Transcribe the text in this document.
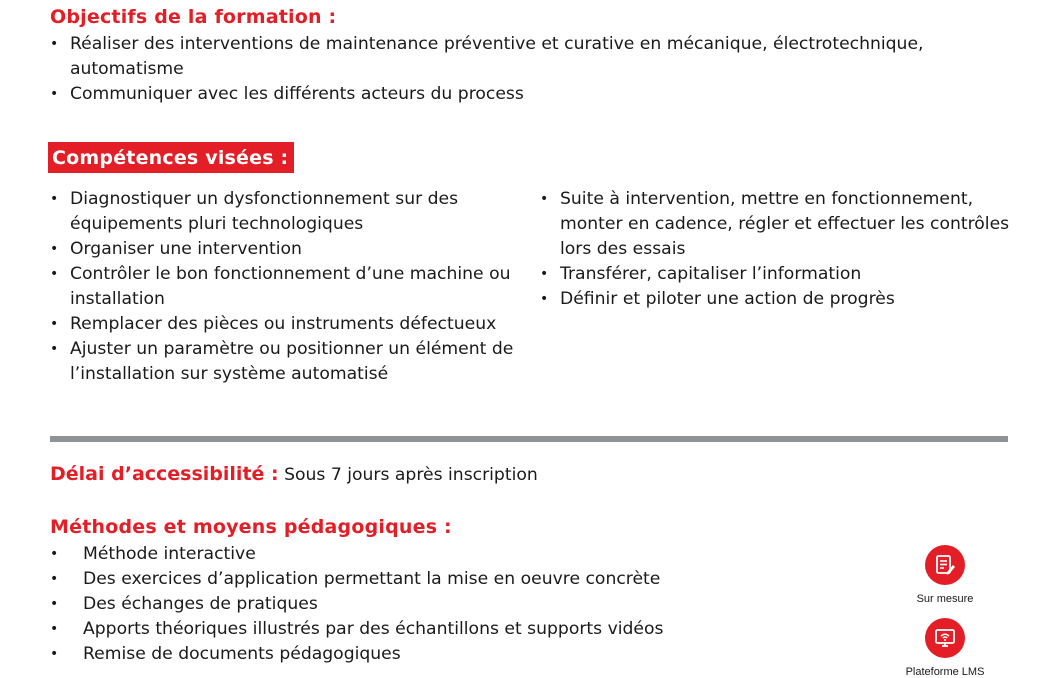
Objectifs de la formation :
• Réaliser des interventions de maintenance préventive et curative en mécanique, électrotechnique, automatisme
• Communiquer avec les différents acteurs du process
Compétences visées :
• Diagnostiquer un dysfonctionnement sur des équipements pluri technologiques
• Organiser une intervention
• Contrôler le bon fonctionnement d’une machine ou installation
• Remplacer des pièces ou instruments défectueux
• Ajuster un paramètre ou positionner un élément de l’installation sur système automatisé
• Suite à intervention, mettre en fonctionnement, monter en cadence, régler et effectuer les contrôles lors des essais
• Transférer, capitaliser l’information
• Définir et piloter une action de progrès
Délai d’accessibilité : Sous 7 jours après inscription
Méthodes et moyens pédagogiques :
• Méthode interactive
• Des exercices d’application permettant la mise en oeuvre concrète
• Des échanges de pratiques
• Apports théoriques illustrés par des échantillons et supports vidéos
• Remise de documents pédagogiques
Sur mesure
Plateforme LMS
